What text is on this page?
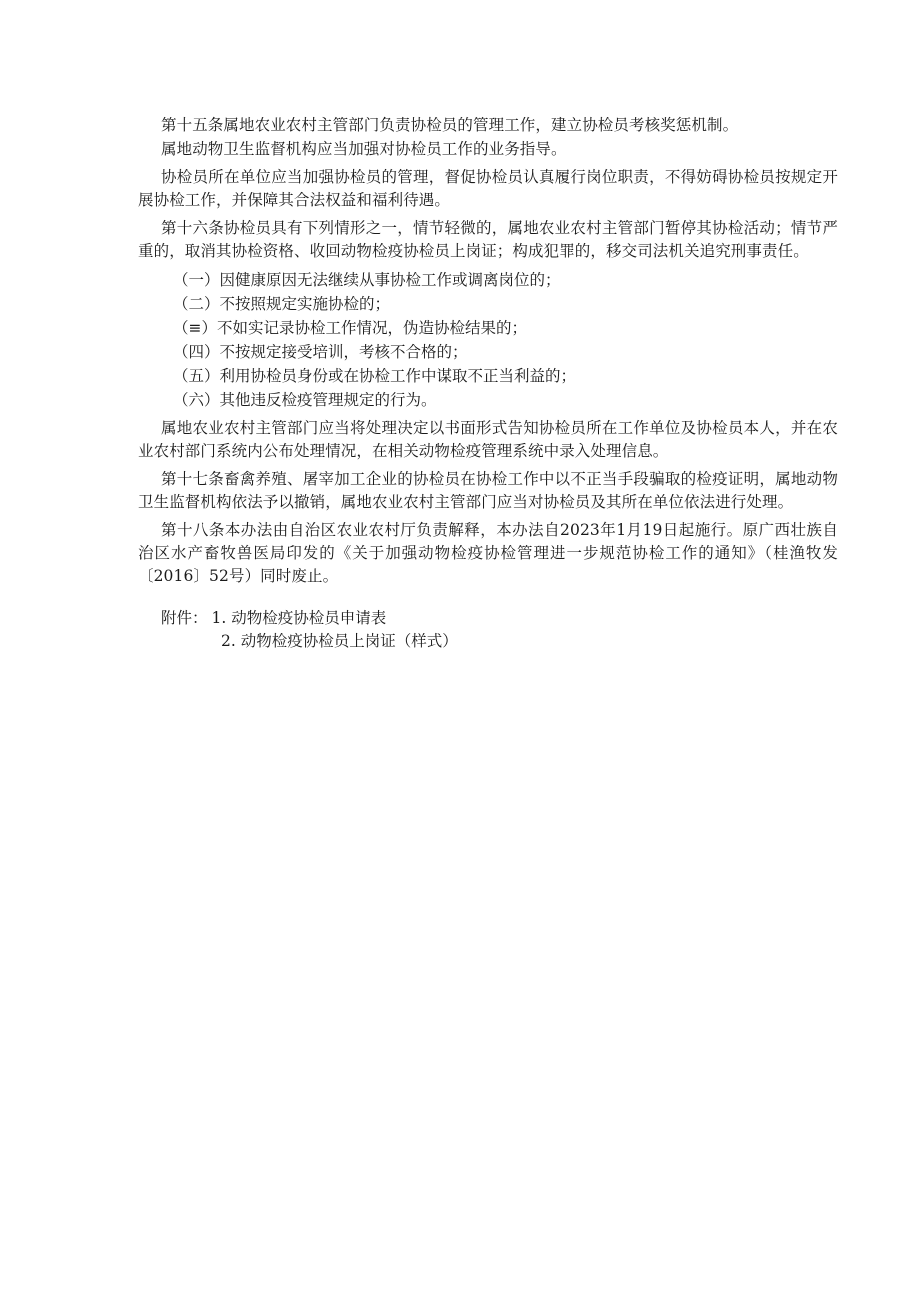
第十五条属地农业农村主管部门负责协检员的管理工作，建立协检员考核奖惩机制。

属地动物卫生监督机构应当加强对协检员工作的业务指导。

协检员所在单位应当加强协检员的管理，督促协检员认真履行岗位职责，不得妨碍协检员按规定开展协检工作，并保障其合法权益和福利待遇。

第十六条协检员具有下列情形之一，情节轻微的，属地农业农村主管部门暂停其协检活动；情节严重的，取消其协检资格、收回动物检疫协检员上岗证；构成犯罪的，移交司法机关追究刑事责任。

（一）因健康原因无法继续从事协检工作或调离岗位的；

（二）不按照规定实施协检的；

（≡）不如实记录协检工作情况，伪造协检结果的；

（四）不按规定接受培训，考核不合格的；

（五）利用协检员身份或在协检工作中谋取不正当利益的；

（六）其他违反检疫管理规定的行为。

属地农业农村主管部门应当将处理决定以书面形式告知协检员所在工作单位及协检员本人，并在农业农村部门系统内公布处理情况，在相关动物检疫管理系统中录入处理信息。

第十七条畜禽养殖、屠宰加工企业的协检员在协检工作中以不正当手段骗取的检疫证明，属地动物卫生监督机构依法予以撤销，属地农业农村主管部门应当对协检员及其所在单位依法进行处理。

第十八条本办法由自治区农业农村厅负责解释，本办法自2023年1月19日起施行。原广西壮族自治区水产畜牧兽医局印发的《关于加强动物检疫协检管理进一步规范协检工作的通知》（桂渔牧发〔2016〕52号）同时废止。

附件： 1. 动物检疫协检员申请表
2. 动物检疫协检员上岗证（样式）
